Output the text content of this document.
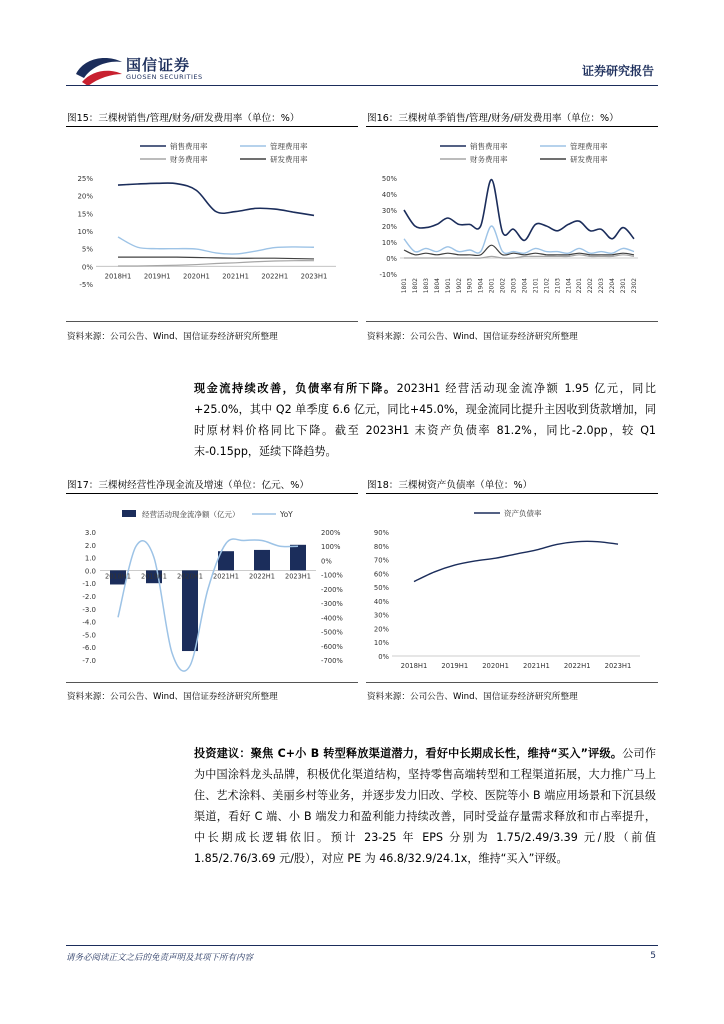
国信证券
GUOSEN SECURITIES	证券研究报告
图15：三棵树销售/管理/财务/研发费用率（单位：%）	图16：三棵树单季销售/管理/财务/研发费用率（单位：%）
销售费用率	管理费用率
财务费用率	研发费用率
25%
20%
15%
10%
5%
0%
-5%
2018H1 2019H1 2020H1 2021H1 2022H1 2023H1
销售费用率	管理费用率
财务费用率	研发费用率
50%
40%
30%
20%
10%
0%
-10%
1801 1802 1803 1804 1901 1902 1903 1904 2001 2002 2003 2004 2101 2102 2103 2104 2201 2202 2203 2204 2301 2302
资料来源：公司公告、Wind、国信证券经济研究所整理	资料来源：公司公告、Wind、国信证券经济研究所整理
现金流持续改善，负债率有所下降。2023H1 经营活动现金流净额 1.95 亿元，同比+25.0%，其中 Q2 单季度 6.6 亿元，同比+45.0%，现金流同比提升主因收到货款增加，同时原材料价格同比下降。截至 2023H1 末资产负债率 81.2%，同比-2.0pp，较 Q1 末-0.15pp，延续下降趋势。
图17：三棵树经营性净现金流及增速（单位：亿元、%）	图18：三棵树资产负债率（单位：%）
经营活动现金流净额（亿元）	YoY
3.0
2.0
1.0
0.0
-1.0
-2.0
-3.0
-4.0
-5.0
-6.0
-7.0
200%
100%
0%
-100%
-200%
-300%
-400%
-500%
-600%
-700%
2018H1 2019H1 2020H1 2021H1 2022H1 2023H1
资产负债率
90%
80%
70%
60%
50%
40%
30%
20%
10%
0%
2018H1 2019H1 2020H1 2021H1 2022H1 2023H1
资料来源：公司公告、Wind、国信证券经济研究所整理	资料来源：公司公告、Wind、国信证券经济研究所整理
投资建议：聚焦 C+小 B 转型释放渠道潜力，看好中长期成长性，维持“买入”评级。公司作为中国涂料龙头品牌，积极优化渠道结构，坚持零售高端转型和工程渠道拓展，大力推广马上住、艺术涂料、美丽乡村等业务，并逐步发力旧改、学校、医院等小 B 端应用场景和下沉县级渠道，看好 C 端、小 B 端发力和盈利能力持续改善，同时受益存量需求释放和市占率提升，中长期成长逻辑依旧。预计 23-25 年 EPS 分别为 1.75/2.49/3.39 元/股（前值 1.85/2.76/3.69 元/股），对应 PE 为 46.8/32.9/24.1x，维持“买入”评级。
请务必阅读正文之后的免责声明及其项下所有内容	5
